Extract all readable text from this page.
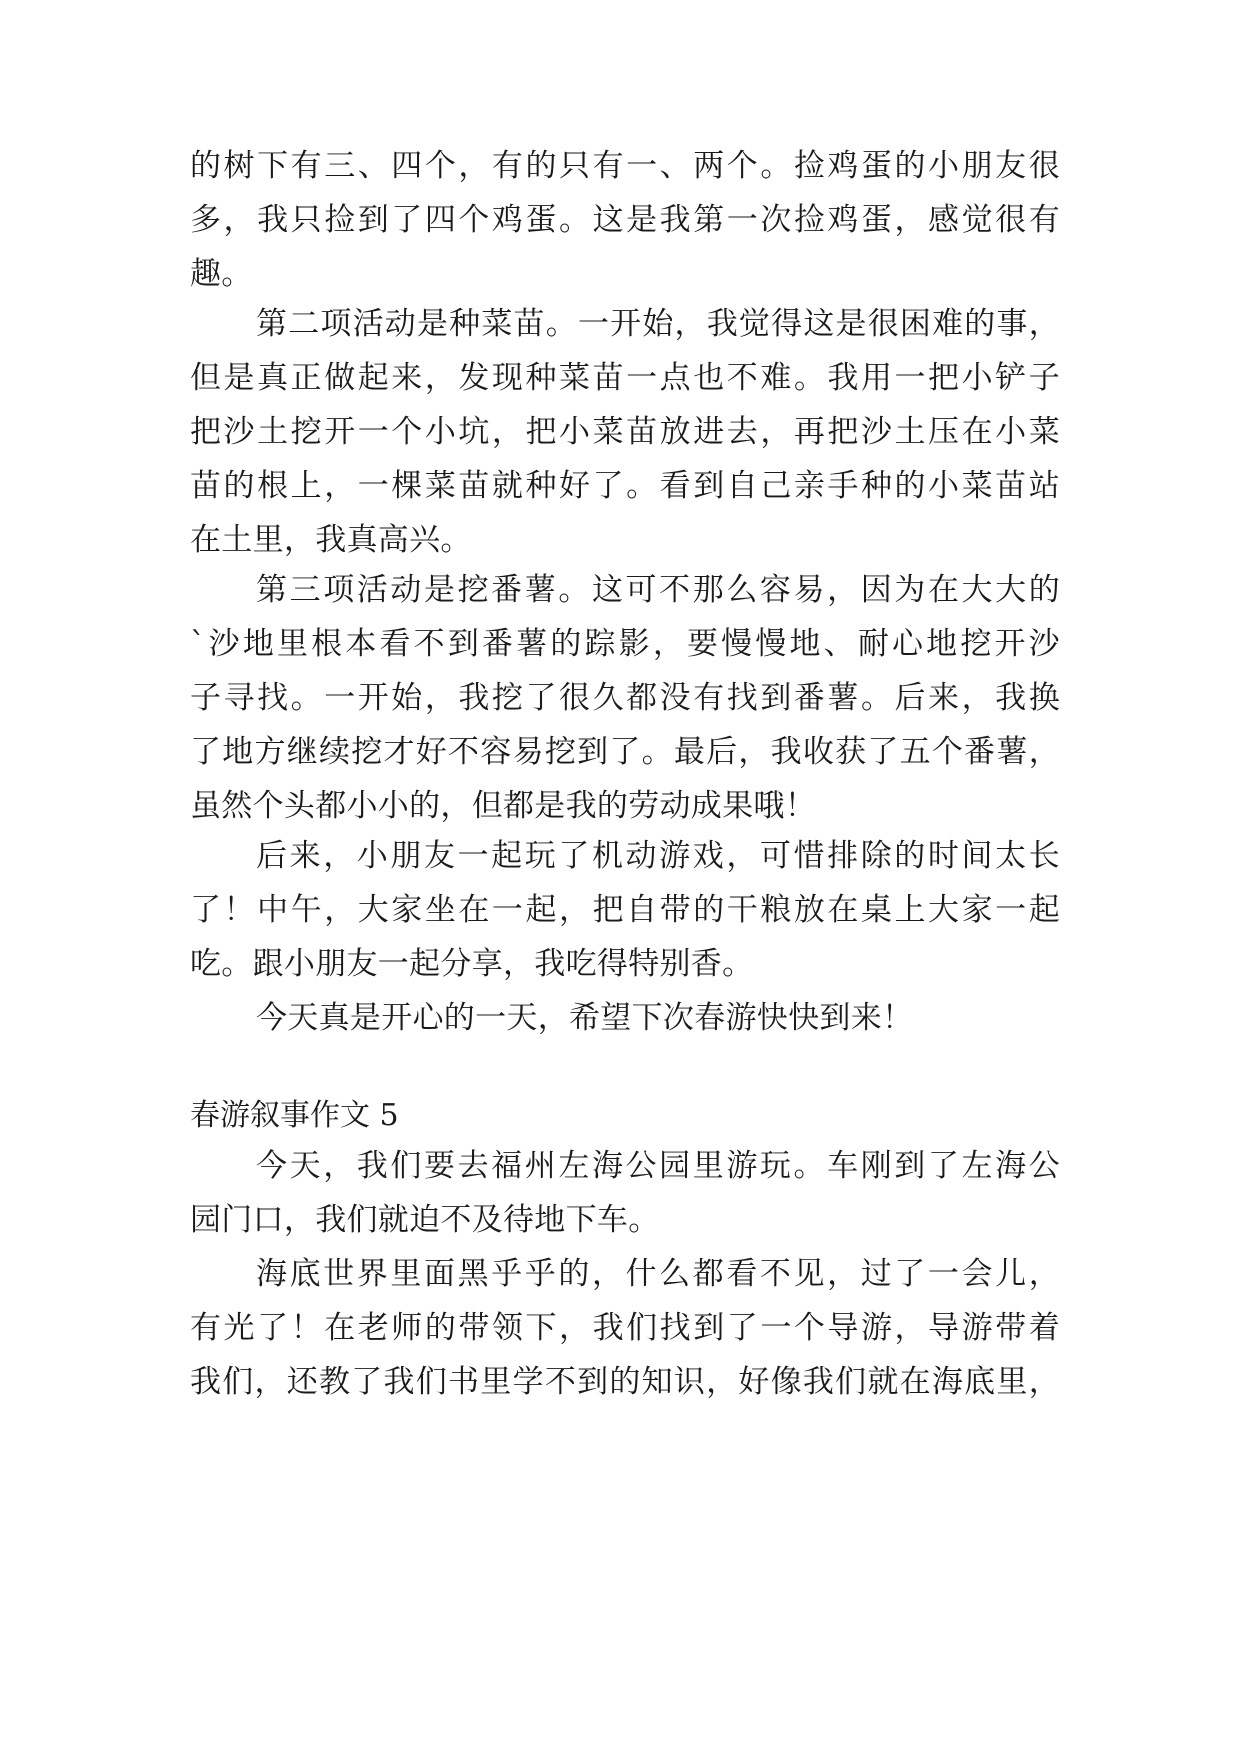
的树下有三、四个，有的只有一、两个。捡鸡蛋的小朋友很
多，我只捡到了四个鸡蛋。这是我第一次捡鸡蛋，感觉很有
趣。
第二项活动是种菜苗。一开始，我觉得这是很困难的事，
但是真正做起来，发现种菜苗一点也不难。我用一把小铲子
把沙土挖开一个小坑，把小菜苗放进去，再把沙土压在小菜
苗的根上，一棵菜苗就种好了。看到自己亲手种的小菜苗站
在土里，我真高兴。
第三项活动是挖番薯。这可不那么容易，因为在大大的
`沙地里根本看不到番薯的踪影，要慢慢地、耐心地挖开沙
子寻找。一开始，我挖了很久都没有找到番薯。后来，我换
了地方继续挖才好不容易挖到了。最后，我收获了五个番薯，
虽然个头都小小的，但都是我的劳动成果哦！
后来，小朋友一起玩了机动游戏，可惜排除的时间太长
了！中午，大家坐在一起，把自带的干粮放在桌上大家一起
吃。跟小朋友一起分享，我吃得特别香。
今天真是开心的一天，希望下次春游快快到来！
春游叙事作文 5
今天，我们要去福州左海公园里游玩。车刚到了左海公
园门口，我们就迫不及待地下车。
海底世界里面黑乎乎的，什么都看不见，过了一会儿，
有光了！在老师的带领下，我们找到了一个导游，导游带着
我们，还教了我们书里学不到的知识，好像我们就在海底里，
